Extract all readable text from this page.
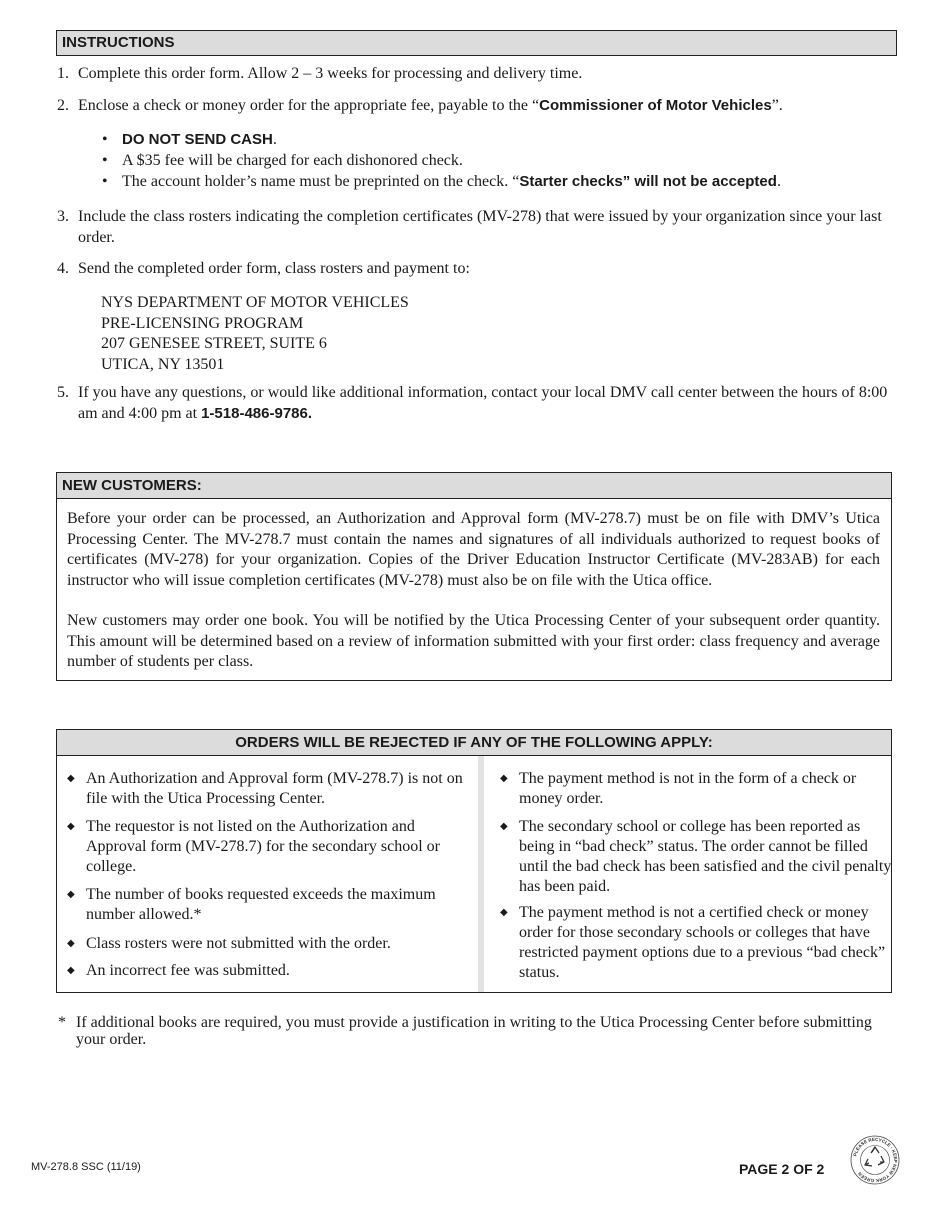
INSTRUCTIONS
1. Complete this order form. Allow 2 – 3 weeks for processing and delivery time.
2. Enclose a check or money order for the appropriate fee, payable to the “Commissioner of Motor Vehicles”.
• DO NOT SEND CASH.
• A $35 fee will be charged for each dishonored check.
• The account holder’s name must be preprinted on the check. “Starter checks” will not be accepted.
3. Include the class rosters indicating the completion certificates (MV-278) that were issued by your organization since your last order.
4. Send the completed order form, class rosters and payment to:
NYS DEPARTMENT OF MOTOR VEHICLES
PRE-LICENSING PROGRAM
207 GENESEE STREET, SUITE 6
UTICA, NY 13501
5. If you have any questions, or would like additional information, contact your local DMV call center between the hours of 8:00 am and 4:00 pm at 1-518-486-9786.
NEW CUSTOMERS:

Before your order can be processed, an Authorization and Approval form (MV-278.7) must be on file with DMV’s Utica Processing Center. The MV-278.7 must contain the names and signatures of all individuals authorized to request books of certificates (MV-278) for your organization. Copies of the Driver Education Instructor Certificate (MV-283AB) for each instructor who will issue completion certificates (MV-278) must also be on file with the Utica office.

New customers may order one book. You will be notified by the Utica Processing Center of your subsequent order quantity. This amount will be determined based on a review of information submitted with your first order: class frequency and average number of students per class.

ORDERS WILL BE REJECTED IF ANY OF THE FOLLOWING APPLY:
◆ An Authorization and Approval form (MV-278.7) is not on file with the Utica Processing Center.
◆ The requestor is not listed on the Authorization and Approval form (MV-278.7) for the secondary school or college.
◆ The number of books requested exceeds the maximum number allowed.*
◆ Class rosters were not submitted with the order.
◆ An incorrect fee was submitted.
◆ The payment method is not in the form of a check or money order.
◆ The secondary school or college has been reported as being in “bad check” status. The order cannot be filled until the bad check has been satisfied and the civil penalty has been paid.
◆ The payment method is not a certified check or money order for those secondary schools or colleges that have restricted payment options due to a previous “bad check” status.
* If additional books are required, you must provide a justification in writing to the Utica Processing Center before submitting your order.
MV-278.8 SSC (11/19)	PAGE 2 OF 2
PLEASE RECYCLE · KEEP NEW YORK GREEN
